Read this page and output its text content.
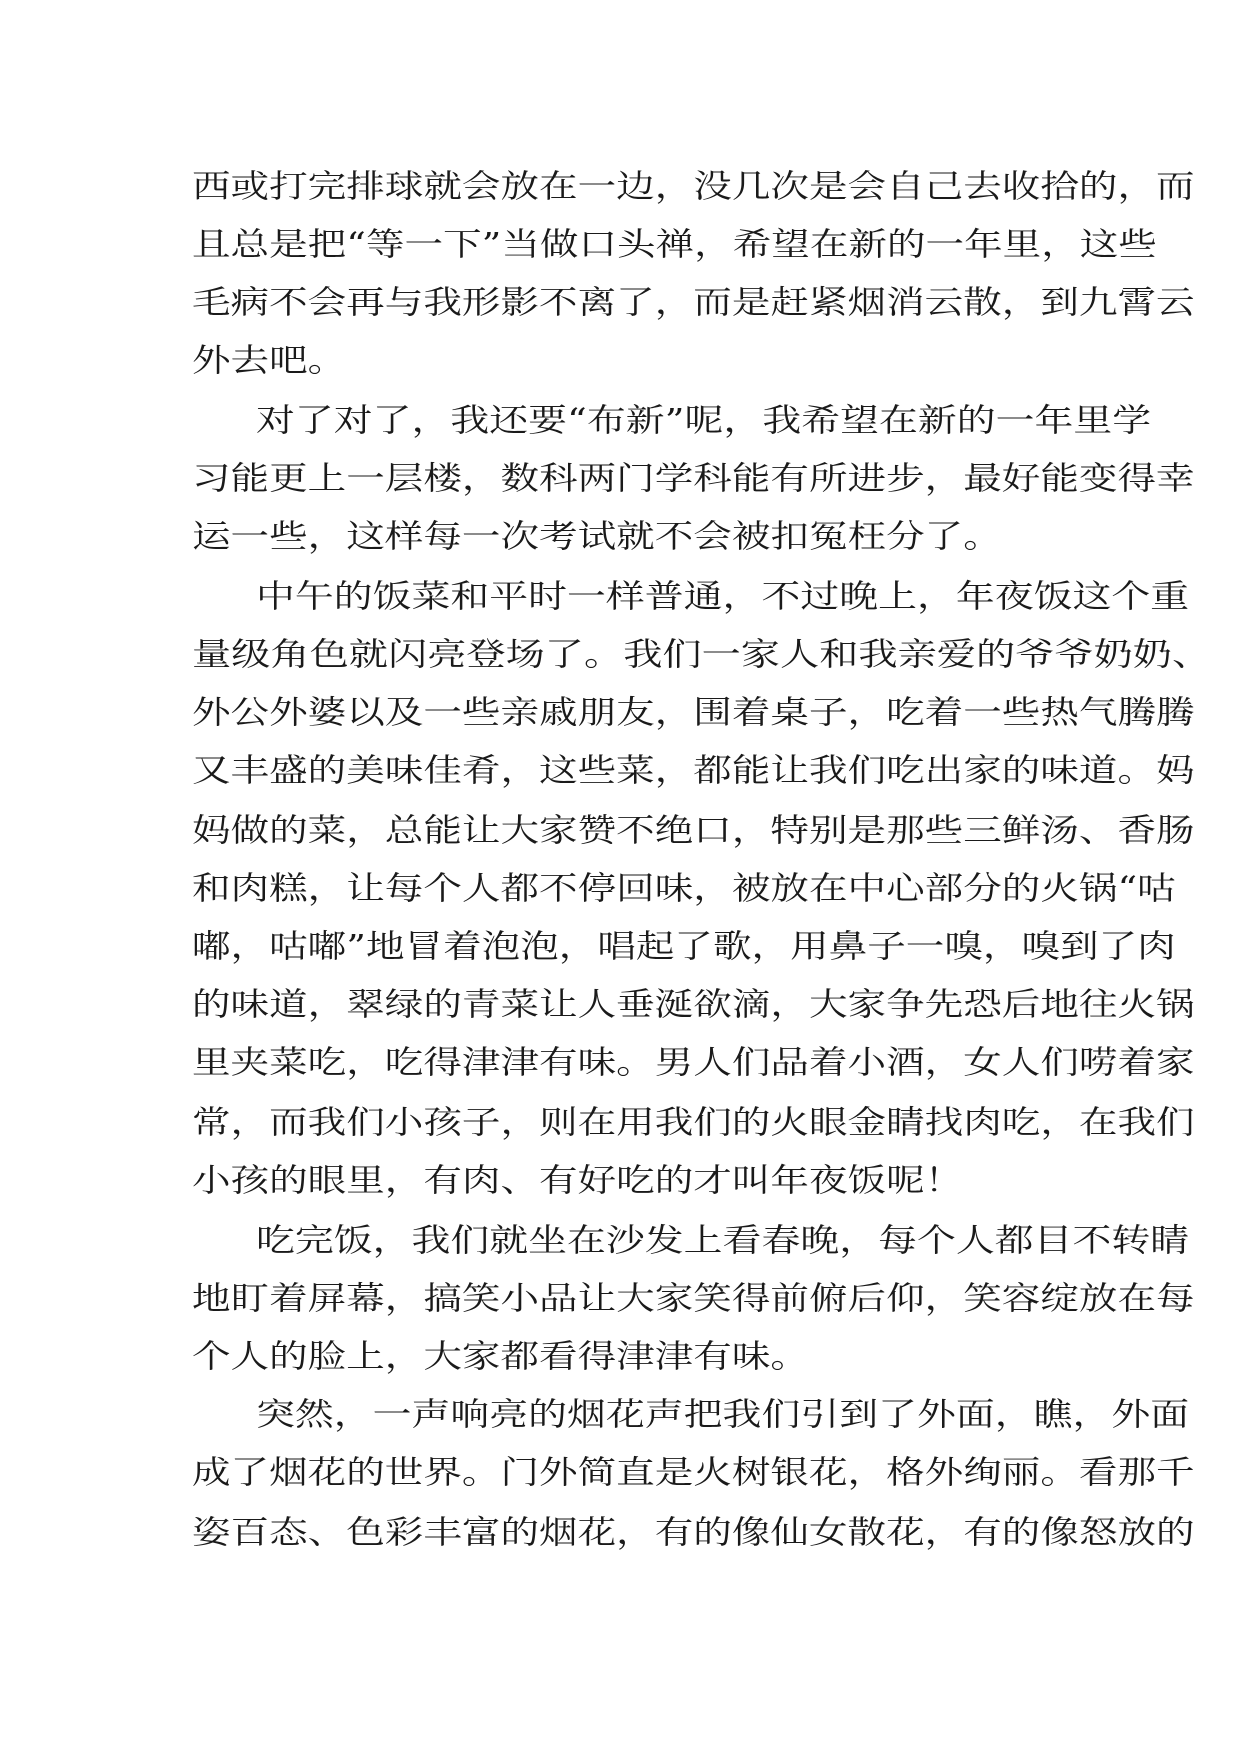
西或打完排球就会放在一边，没几次是会自己去收拾的，而

且总是把“等一下”当做口头禅，希望在新的一年里，这些

毛病不会再与我形影不离了，而是赶紧烟消云散，到九霄云

外去吧。

对了对了，我还要“布新”呢，我希望在新的一年里学

习能更上一层楼，数科两门学科能有所进步，最好能变得幸

运一些，这样每一次考试就不会被扣冤枉分了。

中午的饭菜和平时一样普通，不过晚上，年夜饭这个重

量级角色就闪亮登场了。我们一家人和我亲爱的爷爷奶奶、

外公外婆以及一些亲戚朋友，围着桌子，吃着一些热气腾腾

又丰盛的美味佳肴，这些菜，都能让我们吃出家的味道。妈

妈做的菜，总能让大家赞不绝口，特别是那些三鲜汤、香肠

和肉糕，让每个人都不停回味，被放在中心部分的火锅“咕

嘟，咕嘟”地冒着泡泡，唱起了歌，用鼻子一嗅，嗅到了肉

的味道，翠绿的青菜让人垂涎欲滴，大家争先恐后地往火锅

里夹菜吃，吃得津津有味。男人们品着小酒，女人们唠着家

常，而我们小孩子，则在用我们的火眼金睛找肉吃，在我们

小孩的眼里，有肉、有好吃的才叫年夜饭呢！

吃完饭，我们就坐在沙发上看春晚，每个人都目不转睛

地盯着屏幕，搞笑小品让大家笑得前俯后仰，笑容绽放在每

个人的脸上，大家都看得津津有味。

突然，一声响亮的烟花声把我们引到了外面，瞧，外面

成了烟花的世界。门外简直是火树银花，格外绚丽。看那千

姿百态、色彩丰富的烟花，有的像仙女散花，有的像怒放的
